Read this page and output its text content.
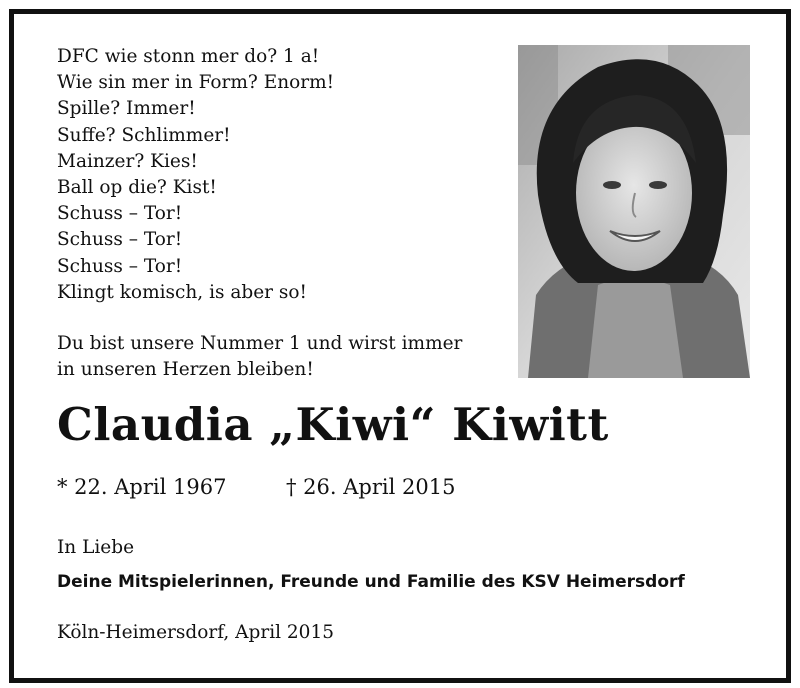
DFC wie stonn mer do? 1 a!
Wie sin mer in Form? Enorm!
Spille? Immer!
Suffe? Schlimmer!
Mainzer? Kies!
Ball op die? Kist!
Schuss – Tor!
Schuss – Tor!
Schuss – Tor!
Klingt komisch, is aber so!
Du bist unsere Nummer 1 und wirst immer
in unseren Herzen bleiben!
Claudia „Kiwi“ Kiwitt
* 22. April 1967	† 26. April 2015
In Liebe
Deine Mitspielerinnen, Freunde und Familie des KSV Heimersdorf
Köln-Heimersdorf, April 2015
